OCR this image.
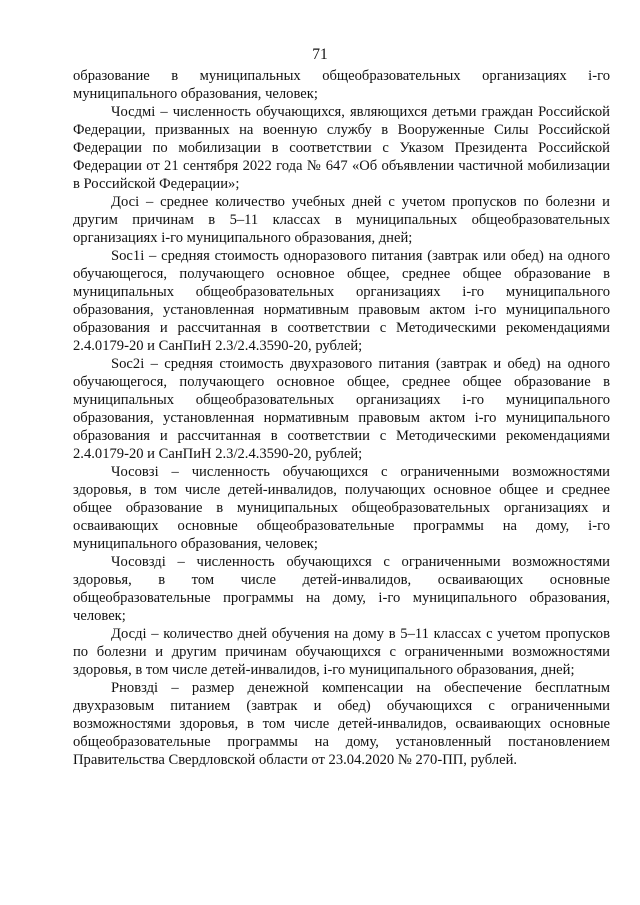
71

образование в муниципальных общеобразовательных организациях i-го муниципального образования, человек;

Чосдмi – численность обучающихся, являющихся детьми граждан Российской Федерации, призванных на военную службу в Вооруженные Силы Российской Федерации по мобилизации в соответствии с Указом Президента Российской Федерации от 21 сентября 2022 года № 647 «Об объявлении частичной мобилизации в Российской Федерации»;

Досi – среднее количество учебных дней с учетом пропусков по болезни и другим причинам в 5–11 классах в муниципальных общеобразовательных организациях i-го муниципального образования, дней;

Soc1i – средняя стоимость одноразового питания (завтрак или обед) на одного обучающегося, получающего основное общее, среднее общее образование в муниципальных общеобразовательных организациях i-го муниципального образования, установленная нормативным правовым актом i-го муниципального образования и рассчитанная в соответствии с Методическими рекомендациями 2.4.0179-20 и СанПиН 2.3/2.4.3590-20, рублей;

Soc2i – средняя стоимость двухразового питания (завтрак и обед) на одного обучающегося, получающего основное общее, среднее общее образование в муниципальных общеобразовательных организациях i-го муниципального образования, установленная нормативным правовым актом i-го муниципального образования и рассчитанная в соответствии с Методическими рекомендациями 2.4.0179-20 и СанПиН 2.3/2.4.3590-20, рублей;

Чосовзi – численность обучающихся с ограниченными возможностями здоровья, в том числе детей-инвалидов, получающих основное общее и среднее общее образование в муниципальных общеобразовательных организациях и осваивающих основные общеобразовательные программы на дому, i-го муниципального образования, человек;

Чосовздi – численность обучающихся с ограниченными возможностями здоровья, в том числе детей-инвалидов, осваивающих основные общеобразовательные программы на дому, i-го муниципального образования, человек;

Досдi – количество дней обучения на дому в 5–11 классах с учетом пропусков по болезни и другим причинам обучающихся с ограниченными возможностями здоровья, в том числе детей-инвалидов, i-го муниципального образования, дней;

Рновздi – размер денежной компенсации на обеспечение бесплатным двухразовым питанием (завтрак и обед) обучающихся с ограниченными возможностями здоровья, в том числе детей-инвалидов, осваивающих основные общеобразовательные программы на дому, установленный постановлением Правительства Свердловской области от 23.04.2020 № 270-ПП, рублей.
